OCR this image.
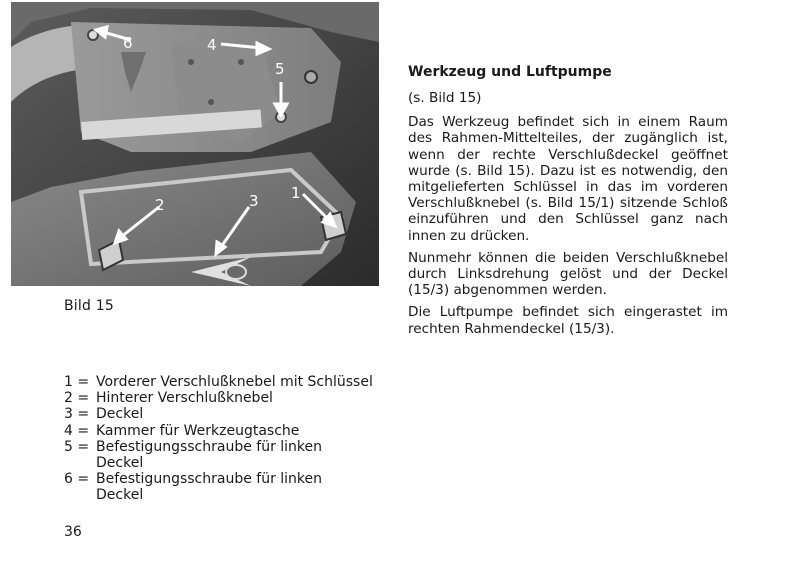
6	4
5
2	3 1
Bild 15
Werkzeug und Luftpumpe

(s. Bild 15)

Das Werkzeug befindet sich in einem Raum des Rahmen-Mittelteiles, der zugänglich ist, wenn der rechte Verschlußdeckel geöffnet wurde (s. Bild 15). Dazu ist es notwendig, den mitgelieferten Schlüssel in das im vorderen Verschlußknebel (s. Bild 15/1) sitzende Schloß einzuführen und den Schlüssel ganz nach innen zu drücken.

Nunmehr können die beiden Verschlußknebel durch Linksdrehung gelöst und der Deckel (15/3) abgenommen werden.

Die Luftpumpe befindet sich eingerastet im rechten Rahmendeckel (15/3).

1 = Vorderer Verschlußknebel mit Schlüssel
2 = Hinterer Verschlußknebel
3 = Deckel
4 = Kammer für Werkzeugtasche
5 = Befestigungsschraube für linken Deckel
6 = Befestigungsschraube für linken Deckel
36
